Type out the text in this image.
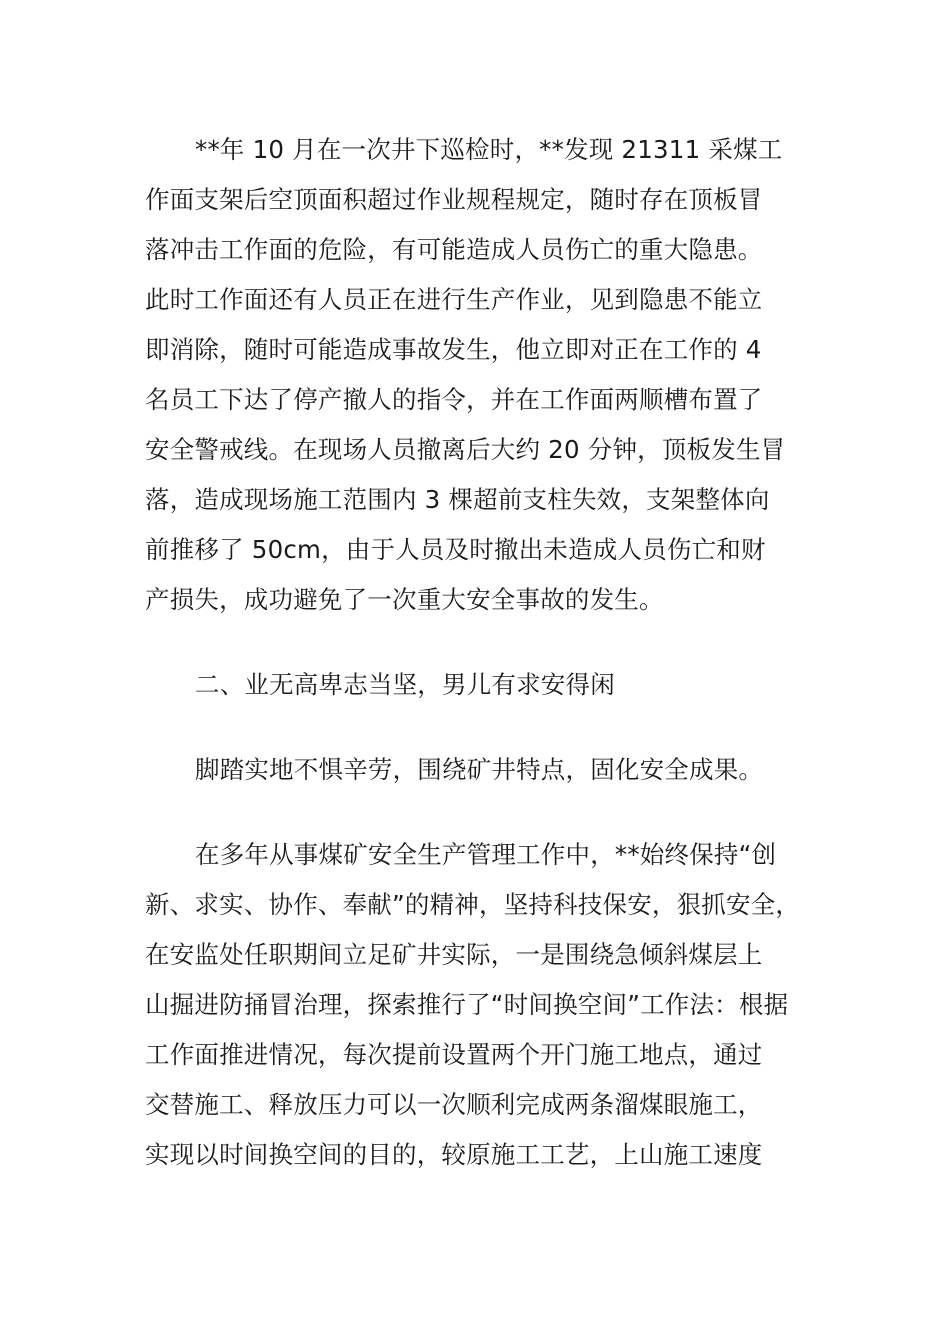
**年 10 月在一次井下巡检时，**发现 21311 采煤工
作面支架后空顶面积超过作业规程规定，随时存在顶板冒
落冲击工作面的危险，有可能造成人员伤亡的重大隐患。
此时工作面还有人员正在进行生产作业，见到隐患不能立
即消除，随时可能造成事故发生，他立即对正在工作的 4
名员工下达了停产撤人的指令，并在工作面两顺槽布置了
安全警戒线。在现场人员撤离后大约 20 分钟，顶板发生冒
落，造成现场施工范围内 3 棵超前支柱失效，支架整体向
前推移了 50cm，由于人员及时撤出未造成人员伤亡和财
产损失，成功避免了一次重大安全事故的发生。
二、业无高卑志当坚，男儿有求安得闲
脚踏实地不惧辛劳，围绕矿井特点，固化安全成果。
在多年从事煤矿安全生产管理工作中，**始终保持“创
新、求实、协作、奉献”的精神，坚持科技保安，狠抓安全，
在安监处任职期间立足矿井实际，一是围绕急倾斜煤层上
山掘进防捅冒治理，探索推行了“时间换空间”工作法：根据
工作面推进情况，每次提前设置两个开门施工地点，通过
交替施工、释放压力可以一次顺利完成两条溜煤眼施工，
实现以时间换空间的目的，较原施工工艺，上山施工速度
